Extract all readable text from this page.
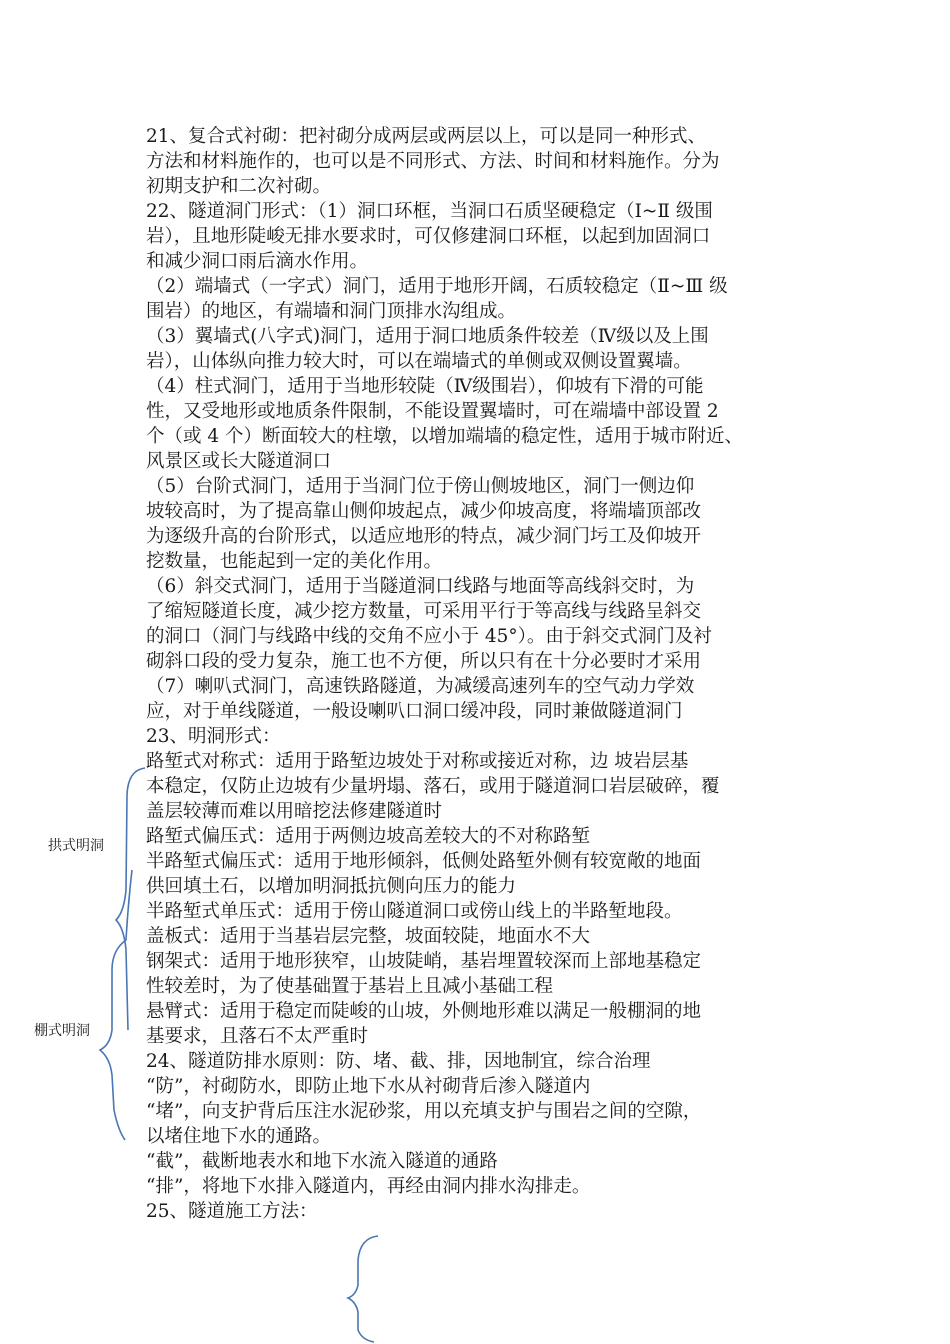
21、复合式衬砌：把衬砌分成两层或两层以上，可以是同一种形式、
方法和材料施作的，也可以是不同形式、方法、时间和材料施作。分为
初期支护和二次衬砌。
22、隧道洞门形式：（1）洞口环框，当洞口石质坚硬稳定（Ⅰ~Ⅱ 级围
岩），且地形陡峻无排水要求时，可仅修建洞口环框，以起到加固洞口
和减少洞口雨后滴水作用。
（2）端墙式（一字式）洞门，适用于地形开阔，石质较稳定（Ⅱ~Ⅲ 级
围岩）的地区，有端墙和洞门顶排水沟组成。
（3）翼墙式(八字式)洞门，适用于洞口地质条件较差（Ⅳ级以及上围
岩），山体纵向推力较大时，可以在端墙式的单侧或双侧设置翼墙。
（4）柱式洞门，适用于当地形较陡（Ⅳ级围岩），仰坡有下滑的可能
性，又受地形或地质条件限制，不能设置翼墙时，可在端墙中部设置 2
个（或 4 个）断面较大的柱墩，以增加端墙的稳定性，适用于城市附近、
风景区或长大隧道洞口
（5）台阶式洞门，适用于当洞门位于傍山侧坡地区，洞门一侧边仰
坡较高时，为了提高靠山侧仰坡起点，减少仰坡高度，将端墙顶部改
为逐级升高的台阶形式，以适应地形的特点，减少洞门圬工及仰坡开
挖数量，也能起到一定的美化作用。
（6）斜交式洞门，适用于当隧道洞口线路与地面等高线斜交时，为
了缩短隧道长度，减少挖方数量，可采用平行于等高线与线路呈斜交
的洞口（洞门与线路中线的交角不应小于 45°）。由于斜交式洞门及衬
砌斜口段的受力复杂，施工也不方便，所以只有在十分必要时才采用
（7）喇叭式洞门，高速铁路隧道，为减缓高速列车的空气动力学效
应，对于单线隧道，一般设喇叭口洞口缓冲段，同时兼做隧道洞门
23、明洞形式：
路堑式对称式：适用于路堑边坡处于对称或接近对称，边 坡岩层基
本稳定，仅防止边坡有少量坍塌、落石，或用于隧道洞口岩层破碎，覆
盖层较薄而难以用暗挖法修建隧道时
路堑式偏压式：适用于两侧边坡高差较大的不对称路堑
半路堑式偏压式：适用于地形倾斜，低侧处路堑外侧有较宽敞的地面
供回填土石，以增加明洞抵抗侧向压力的能力
半路堑式单压式：适用于傍山隧道洞口或傍山线上的半路堑地段。
盖板式：适用于当基岩层完整，坡面较陡，地面水不大
钢架式：适用于地形狭窄，山坡陡峭，基岩埋置较深而上部地基稳定
性较差时，为了使基础置于基岩上且减小基础工程
悬臂式：适用于稳定而陡峻的山坡，外侧地形难以满足一般棚洞的地
基要求，且落石不太严重时
24、隧道防排水原则：防、堵、截、排，因地制宜，综合治理
“防”，衬砌防水，即防止地下水从衬砌背后渗入隧道内
“堵”，向支护背后压注水泥砂浆，用以充填支护与围岩之间的空隙，
以堵住地下水的通路。
“截”，截断地表水和地下水流入隧道的通路
“排”，将地下水排入隧道内，再经由洞内排水沟排走。
25、隧道施工方法：
拱式明洞
棚式明洞
